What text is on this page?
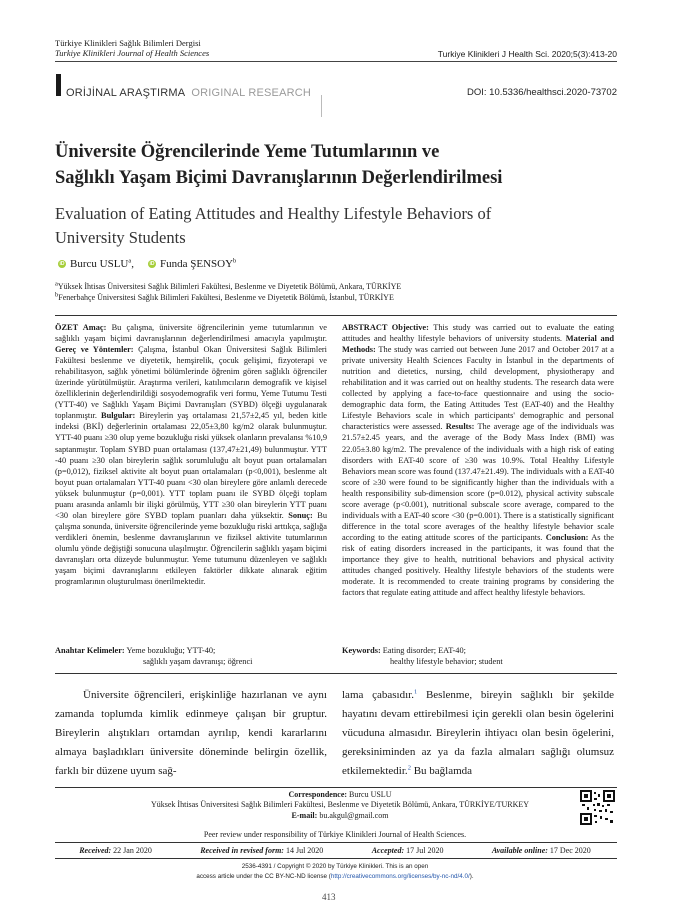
Türkiye Klinikleri Sağlık Bilimleri Dergisi
Turkiye Klinikleri Journal of Health Sciences	Turkiye Klinikleri J Health Sci. 2020;5(3):413-20
ORİJİNAL ARAŞTIRMA ORIGINAL RESEARCH	DOI: 10.5336/healthsci.2020-73702
Üniversite Öğrencilerinde Yeme Tutumlarının ve
Sağlıklı Yaşam Biçimi Davranışlarının Değerlendirilmesi
Evaluation of Eating Attitudes and Healthy Lifestyle Behaviors of
University Students
iD Burcu USLU$^a$,	iD Funda ŞENSOY$^b$
$^a$Yüksek İhtisas Üniversitesi Sağlık Bilimleri Fakültesi, Beslenme ve Diyetetik Bölümü, Ankara, TÜRKİYE
$^b$Fenerbahçe Üniversitesi Sağlık Bilimleri Fakültesi, Beslenme ve Diyetetik Bölümü, İstanbul, TÜRKİYE
ÖZET Amaç: Bu çalışma, üniversite öğrencilerinin yeme tutumlarının ve sağlıklı yaşam biçimi davranışlarının değerlendirilmesi amacıyla yapılmıştır. Gereç ve Yöntemler: Çalışma, İstanbul Okan Üniversitesi Sağlık Bilimleri Fakültesi beslenme ve diyetetik, hemşirelik, çocuk gelişimi, fizyoterapi ve rehabilitasyon, sağlık yönetimi bölümlerinde öğrenim gören sağlıklı öğrenciler üzerinde yürütülmüştür. Araştırma verileri, katılımcıların demografik ve kişisel özelliklerinin değerlendirildiği sosyodemografik veri formu, Yeme Tutumu Testi (YTT-40) ve Sağlıklı Yaşam Biçimi Davranışları (SYBD) ölçeği uygulanarak toplanmıştır. Bulgular: Bireylerin yaş ortalaması 21,57±2,45 yıl, beden kitle indeksi (BKİ) değerlerinin ortalaması 22,05±3,80 kg/m2 olarak bulunmuştur. YTT-40 puanı ≥30 olup yeme bozukluğu riski yüksek olanların prevalansı %10,9 saptanmıştır. Toplam SYBD puan ortalaması (137,47±21,49) bulunmuştur. YTT -40 puanı ≥30 olan bireylerin sağlık sorumluluğu alt boyut puan ortalamaları (p=0,012), fiziksel aktivite alt boyut puan ortalamaları (p<0,001), beslenme alt boyut puan ortalamaları YTT-40 puanı <30 olan bireylere göre anlamlı derecede yüksek bulunmuştur (p=0,001). YTT toplam puanı ile SYBD ölçeği toplam puanı arasında anlamlı bir ilişki görülmüş, YTT ≥30 olan bireylerin YTT puanı <30 olan bireylere göre SYBD toplam puanları daha yüksektir. Sonuç: Bu çalışma sonunda, üniversite öğrencilerinde yeme bozukluğu riski arttıkça, sağlığa verdikleri önemin, beslenme davranışlarının ve fiziksel aktivite tutumlarının olumlu yönde değiştiği sonucuna ulaşılmıştır. Öğrencilerin sağlıklı yaşam biçimi davranışları orta düzeyde bulunmuştur. Yeme tutumunu düzenleyen ve sağlıklı yaşam biçimi davranışlarını etkileyen faktörler dikkate alınarak eğitim programlarının oluşturulması önerilmektedir.
ABSTRACT Objective: This study was carried out to evaluate the eating attitudes and healthy lifestyle behaviors of university students. Material and Methods: The study was carried out between June 2017 and October 2017 at a private university Health Sciences Faculty in İstanbul in the departments of nutrition and dietetics, nursing, child development, physiotherapy and rehabilitation and it was carried out on healthy students. The research data were collected by applying a face-to-face questionnaire and using the socio-demographic data form, the Eating Attitudes Test (EAT-40) and the Healthy Lifestyle Behaviors scale in which participants' demographic and personal characteristics were assessed. Results: The average age of the individuals was 21.57±2.45 years, and the average of the Body Mass Index (BMI) was 22.05±3.80 kg/m2. The prevalence of the individuals with a high risk of eating disorders with EAT-40 score of ≥30 was 10.9%. Total Healthy Lifestyle Behaviors mean score was found (137.47±21.49). The individuals with a EAT-40 score of ≥30 were found to be significantly higher than the individuals with a health responsibility sub-dimension score (p=0.012), physical activity subscale score average (p<0.001), nutritional subscale score average, compared to the individuals with a EAT-40 score <30 (p=0.001). There is a statistically significant difference in the total score averages of the healthy lifestyle behavior scale according to the eating attitude scores of the participants. Conclusion: As the risk of eating disorders increased in the participants, it was found that the importance they give to health, nutritional behaviors and physical activity attitudes changed positively. Healthy lifestyle behaviors of the students were moderate. It is recommended to create training programs by considering the factors that regulate eating attitude and affect healthy lifestyle behaviors.
Anahtar Kelimeler: Yeme bozukluğu; YTT-40;
sağlıklı yaşam davranışı; öğrenci
Keywords: Eating disorder; EAT-40;
healthy lifestyle behavior; student
Üniversite öğrencileri, erişkinliğe hazırlanan ve aynı zamanda toplumda kimlik edinmeye çalışan bir gruptur. Bireylerin alıştıkları ortamdan ayrılıp, kendi kararlarını almaya başladıkları üniversite döneminde belirgin özellik, farklı bir düzene uyum sağ-
lama çabasıdır.$^1$ Beslenme, bireyin sağlıklı bir şekilde hayatını devam ettirebilmesi için gerekli olan besin ögelerini vücuduna almasıdır. Bireylerin ihtiyacı olan besin ögelerini, gereksiniminden az ya da fazla almaları sağlığı olumsuz etkilemektedir.$^2$ Bu bağlamda
Correspondence: Burcu USLU
Yüksek İhtisas Üniversitesi Sağlık Bilimleri Fakültesi, Beslenme ve Diyetetik Bölümü, Ankara, TÜRKİYE/TURKEY
E-mail: bu.akgul@gmail.com
Peer review under responsibility of Türkiye Klinikleri Journal of Health Sciences.
Received: 22 Jan 2020	Received in revised form: 14 Jul 2020	Accepted: 17 Jul 2020	Available online: 17 Dec 2020
2536-4391 / Copyright © 2020 by Türkiye Klinikleri. This is an open
access article under the CC BY-NC-ND license (http://creativecommons.org/licenses/by-nc-nd/4.0/).
413
